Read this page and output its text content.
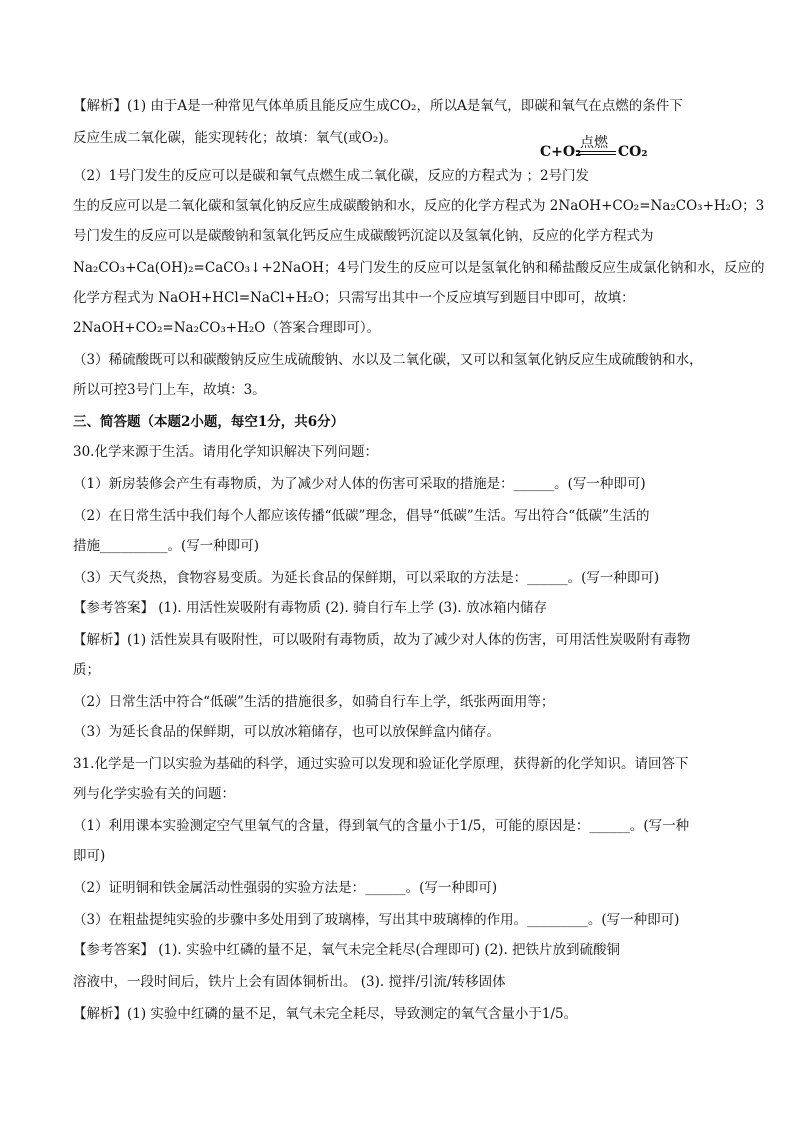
【解析】(1) 由于A是一种常见气体单质且能反应生成CO₂，所以A是氧气，即碳和氧气在点燃的条件下
反应生成二氧化碳，能实现转化；故填：氧气(或O₂)。
（2）1号门发生的反应可以是碳和氧气点燃生成二氧化碳，反应的方程式为 ；2号门发
生的反应可以是二氧化碳和氢氧化钠反应生成碳酸钠和水，反应的化学方程式为 2NaOH+CO₂=Na₂CO₃+H₂O；3
号门发生的反应可以是碳酸钠和氢氧化钙反应生成碳酸钙沉淀以及氢氧化钠，反应的化学方程式为
Na₂CO₃+Ca(OH)₂=CaCO₃↓+2NaOH；4号门发生的反应可以是氢氧化钠和稀盐酸反应生成氯化钠和水，反应的
化学方程式为 NaOH+HCl=NaCl+H₂O；只需写出其中一个反应填写到题目中即可，故填：
2NaOH+CO₂=Na₂CO₃+H₂O（答案合理即可）。
（3）稀硫酸既可以和碳酸钠反应生成硫酸钠、水以及二氧化碳，又可以和氢氧化钠反应生成硫酸钠和水，
所以可控3号门上车，故填：3。
三、简答题（本题2小题，每空1分，共6分）
30.化学来源于生活。请用化学知识解决下列问题：
（1）新房装修会产生有毒物质，为了减少对人体的伤害可采取的措施是：______。(写一种即可)
（2）在日常生活中我们每个人都应该传播“低碳”理念，倡导“低碳”生活。写出符合“低碳”生活的
措施__________。(写一种即可)
（3）天气炎热，食物容易变质。为延长食品的保鲜期，可以采取的方法是：______。(写一种即可)
【参考答案】 (1). 用活性炭吸附有毒物质 (2). 骑自行车上学 (3). 放冰箱内储存
【解析】(1) 活性炭具有吸附性，可以吸附有毒物质，故为了减少对人体的伤害，可用活性炭吸附有毒物
质；
（2）日常生活中符合“低碳”生活的措施很多，如骑自行车上学，纸张两面用等；
（3）为延长食品的保鲜期，可以放冰箱储存，也可以放保鲜盒内储存。
31.化学是一门以实验为基础的科学，通过实验可以发现和验证化学原理，获得新的化学知识。请回答下
列与化学实验有关的问题：
（1）利用课本实验测定空气里氧气的含量，得到氧气的含量小于1/5，可能的原因是：______。(写一种
即可)
（2）证明铜和铁金属活动性强弱的实验方法是：______。(写一种即可)
（3）在粗盐提纯实验的步骤中多处用到了玻璃棒，写出其中玻璃棒的作用。_________。(写一种即可)
【参考答案】 (1). 实验中红磷的量不足，氧气未完全耗尽(合理即可) (2). 把铁片放到硫酸铜
溶液中，一段时间后，铁片上会有固体铜析出。 (3). 搅拌/引流/转移固体
【解析】(1) 实验中红磷的量不足，氧气未完全耗尽，导致测定的氧气含量小于1/5。
点燃
C+O₂	CO₂
